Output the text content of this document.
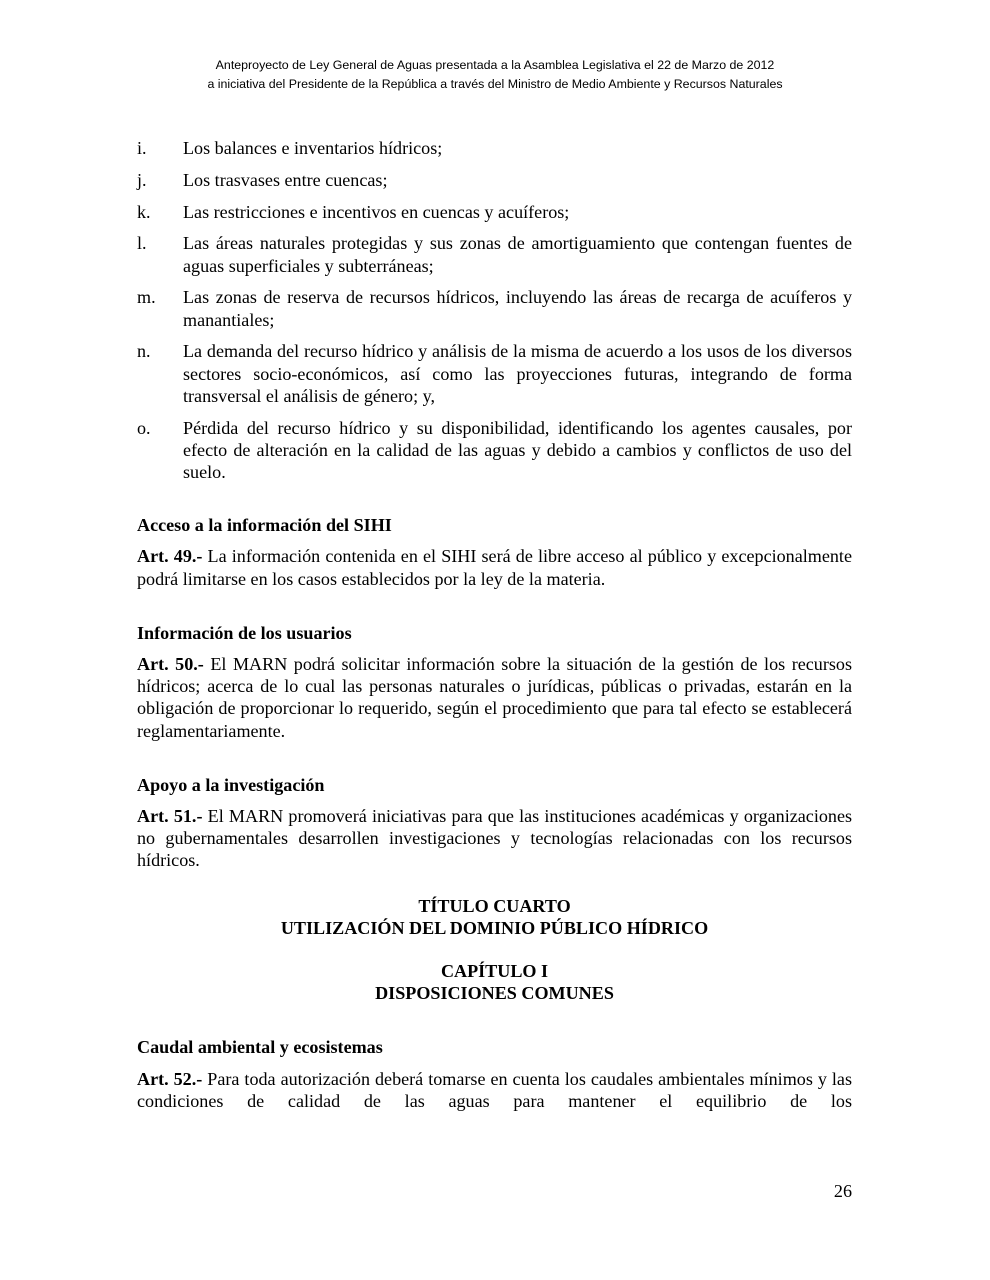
Anteproyecto de Ley General de Aguas presentada a la Asamblea Legislativa el 22 de Marzo de 2012
a iniciativa del Presidente de la República a través del Ministro de Medio Ambiente y Recursos Naturales
i.	Los balances e inventarios hídricos;
j.	Los trasvases entre cuencas;
k.	Las restricciones e incentivos en cuencas y acuíferos;
l.	Las áreas naturales protegidas y sus zonas de amortiguamiento que contengan fuentes de aguas superficiales y subterráneas;
m.	Las zonas de reserva de recursos hídricos, incluyendo las áreas de recarga de acuíferos y manantiales;
n.	La demanda del recurso hídrico y análisis de la misma de acuerdo a los usos de los diversos sectores socio-económicos, así como las proyecciones futuras, integrando de forma transversal el análisis de género; y,
o.	Pérdida del recurso hídrico y su disponibilidad, identificando los agentes causales, por efecto de alteración en la calidad de las aguas y debido a cambios y conflictos de uso del suelo.
Acceso a la información del SIHI

Art. 49.- La información contenida en el SIHI será de libre acceso al público y excepcionalmente podrá limitarse en los casos establecidos por la ley de la materia.

Información de los usuarios

Art. 50.- El MARN podrá solicitar información sobre la situación de la gestión de los recursos hídricos; acerca de lo cual las personas naturales o jurídicas, públicas o privadas, estarán en la obligación de proporcionar lo requerido, según el procedimiento que para tal efecto se establecerá reglamentariamente.

Apoyo a la investigación

Art. 51.- El MARN promoverá iniciativas para que las instituciones académicas y organizaciones no gubernamentales desarrollen investigaciones y tecnologías relacionadas con los recursos hídricos.

TÍTULO CUARTO
UTILIZACIÓN DEL DOMINIO PÚBLICO HÍDRICO
CAPÍTULO I
DISPOSICIONES COMUNES
Caudal ambiental y ecosistemas

Art. 52.- Para toda autorización deberá tomarse en cuenta los caudales ambientales mínimos y las condiciones de calidad de las aguas para mantener el equilibrio de los

26
